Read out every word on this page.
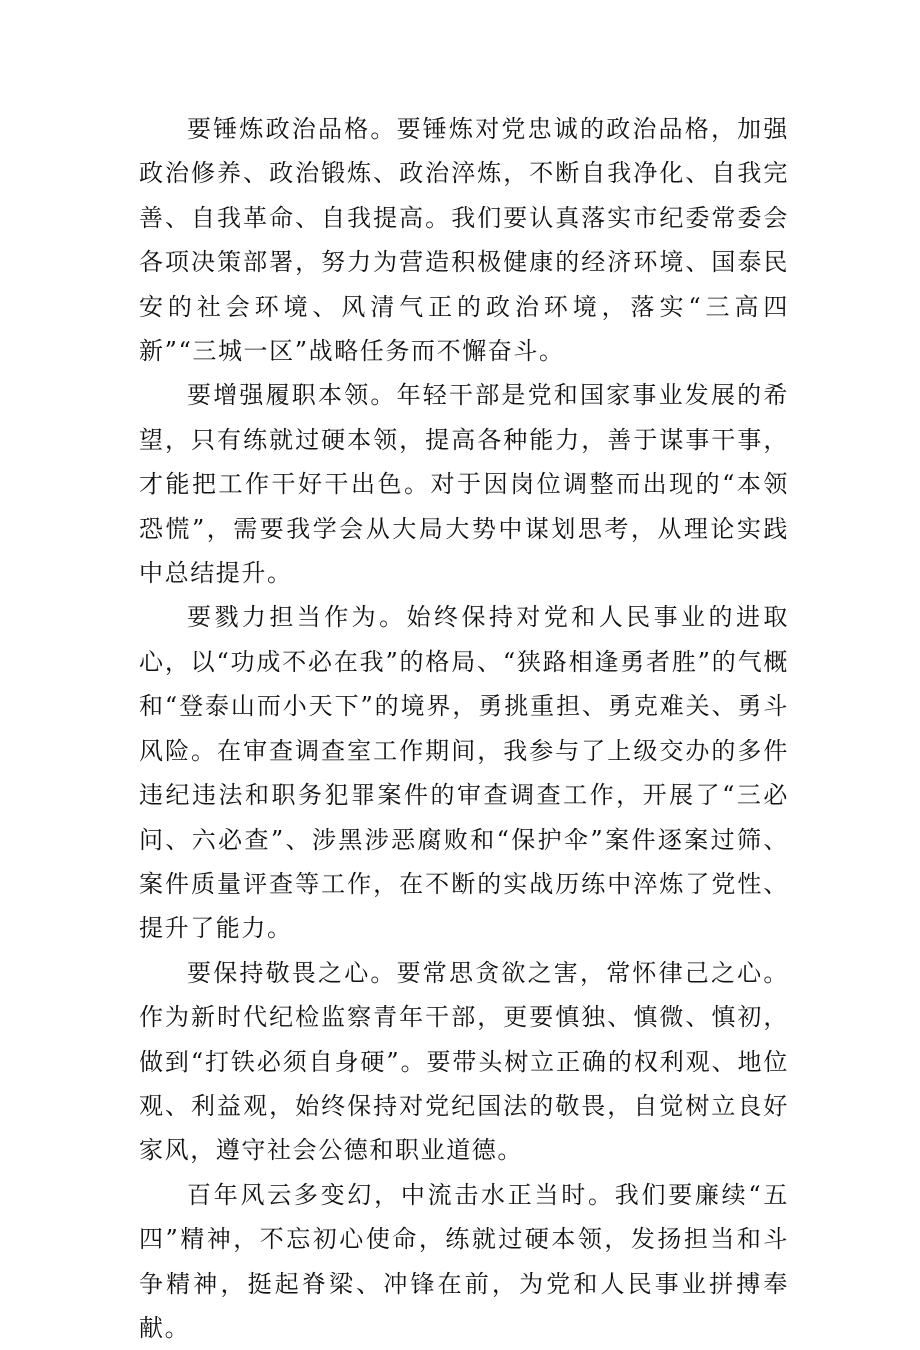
要锤炼政治品格。要锤炼对党忠诚的政治品格，加强政治修养、政治锻炼、政治淬炼，不断自我净化、自我完善、自我革命、自我提高。我们要认真落实市纪委常委会各项决策部署，努力为营造积极健康的经济环境、国泰民安的社会环境、风清气正的政治环境，落实“三高四新”“三城一区”战略任务而不懈奋斗。

要增强履职本领。年轻干部是党和国家事业发展的希望，只有练就过硬本领，提高各种能力，善于谋事干事，才能把工作干好干出色。对于因岗位调整而出现的“本领恐慌”，需要我学会从大局大势中谋划思考，从理论实践中总结提升。

要戮力担当作为。始终保持对党和人民事业的进取心，以“功成不必在我”的格局、“狭路相逢勇者胜”的气概和“登泰山而小天下”的境界，勇挑重担、勇克难关、勇斗风险。在审查调查室工作期间，我参与了上级交办的多件违纪违法和职务犯罪案件的审查调查工作，开展了“三必问、六必查”、涉黑涉恶腐败和“保护伞”案件逐案过筛、案件质量评查等工作，在不断的实战历练中淬炼了党性、提升了能力。

要保持敬畏之心。要常思贪欲之害，常怀律己之心。作为新时代纪检监察青年干部，更要慎独、慎微、慎初，做到“打铁必须自身硬”。要带头树立正确的权利观、地位观、利益观，始终保持对党纪国法的敬畏，自觉树立良好家风，遵守社会公德和职业道德。

百年风云多变幻，中流击水正当时。我们要廉续“五四”精神，不忘初心使命，练就过硬本领，发扬担当和斗争精神，挺起脊梁、冲锋在前，为党和人民事业拼搏奉献。
